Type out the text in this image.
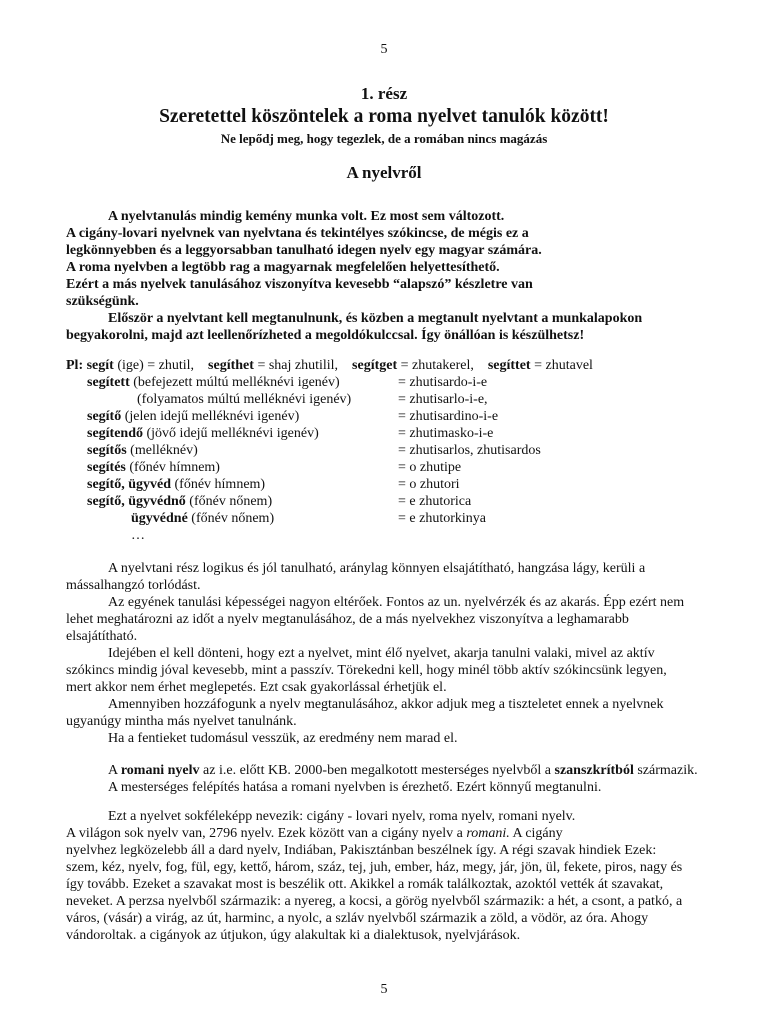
5
1. rész
Szeretettel köszöntelek a roma nyelvet tanulók között!
Ne lepődj meg, hogy tegezlek, de a romában nincs magázás
A nyelvről

A nyelvtanulás mindig kemény munka volt. Ez most sem változott.

A cigány-lovari nyelvnek van nyelvtana és tekintélyes szókincse, de mégis ez a

legkönnyebben és a leggyorsabban tanulható idegen nyelv egy magyar számára.

A roma nyelvben a legtöbb rag a magyarnak megfelelően helyettesíthető.

Ezért a más nyelvek tanulásához viszonyítva kevesebb “alapszó” készletre van

szükségünk.

Először a nyelvtant kell megtanulnunk, és közben a megtanult nyelvtant a munkalapokon

begyakorolni, majd azt leellenőrízheted a megoldókulccsal. Így önállóan is készülhetsz!

Pl: segít (ige) = zhutil, segíthet = shaj zhutilil, segítget = zhutakerel, segíttet = zhutavel
segített (befejezett múltú melléknévi igenév)	= zhutisardo-i-e
(folyamatos múltú melléknévi igenév)	= zhutisarlo-i-e,
segítő (jelen idejű melléknévi igenév)	= zhutisardino-i-e
segítendő (jövő idejű melléknévi igenév)	= zhutimasko-i-e
segítős (melléknév)	= zhutisarlos, zhutisardos
segítés (főnév hímnem)	= o zhutipe
segítő, ügyvéd (főnév hímnem)	= o zhutori
segítő, ügyvédnő (főnév nőnem)	= e zhutorica
ügyvédné (főnév nőnem)	= e zhutorkinya
…

A nyelvtani rész logikus és jól tanulható, aránylag könnyen elsajátítható, hangzása lágy, kerüli a

mássalhangzó torlódást.

Az egyének tanulási képességei nagyon eltérőek. Fontos az un. nyelvérzék és az akarás. Épp ezért nem

lehet meghatározni az időt a nyelv megtanulásához, de a más nyelvekhez viszonyítva a leghamarabb

elsajátítható.

Idejében el kell dönteni, hogy ezt a nyelvet, mint élő nyelvet, akarja tanulni valaki, mivel az aktív

szókincs mindig jóval kevesebb, mint a passzív. Törekedni kell, hogy minél több aktív szókincsünk legyen,

mert akkor nem érhet meglepetés. Ezt csak gyakorlással érhetjük el.

Amennyiben hozzáfogunk a nyelv megtanulásához, akkor adjuk meg a tiszteletet ennek a nyelvnek

ugyanúgy mintha más nyelvet tanulnánk.

Ha a fentieket tudomásul vesszük, az eredmény nem marad el.

A romani nyelv az i.e. előtt KB. 2000-ben megalkotott mesterséges nyelvből a szanszkrítból származik.

A mesterséges felépítés hatása a romani nyelvben is érezhető. Ezért könnyű megtanulni.

Ezt a nyelvet sokféleképp nevezik: cigány - lovari nyelv, roma nyelv, romani nyelv.

A világon sok nyelv van, 2796 nyelv. Ezek között van a cigány nyelv a romani. A cigány

nyelvhez legközelebb áll a dard nyelv, Indiában, Pakisztánban beszélnek így. A régi szavak hindiek Ezek:

szem, kéz, nyelv, fog, fül, egy, kettő, három, száz, tej, juh, ember, ház, megy, jár, jön, ül, fekete, piros, nagy és

így tovább. Ezeket a szavakat most is beszélik ott. Akikkel a romák találkoztak, azoktól vették át szavakat,

neveket. A perzsa nyelvből származik: a nyereg, a kocsi, a görög nyelvből származik: a hét, a csont, a patkó, a

város, (vásár) a virág, az út, harminc, a nyolc, a szláv nyelvből származik a zöld, a vödör, az óra. Ahogy

vándoroltak. a cigányok az útjukon, úgy alakultak ki a dialektusok, nyelvjárások.

5
